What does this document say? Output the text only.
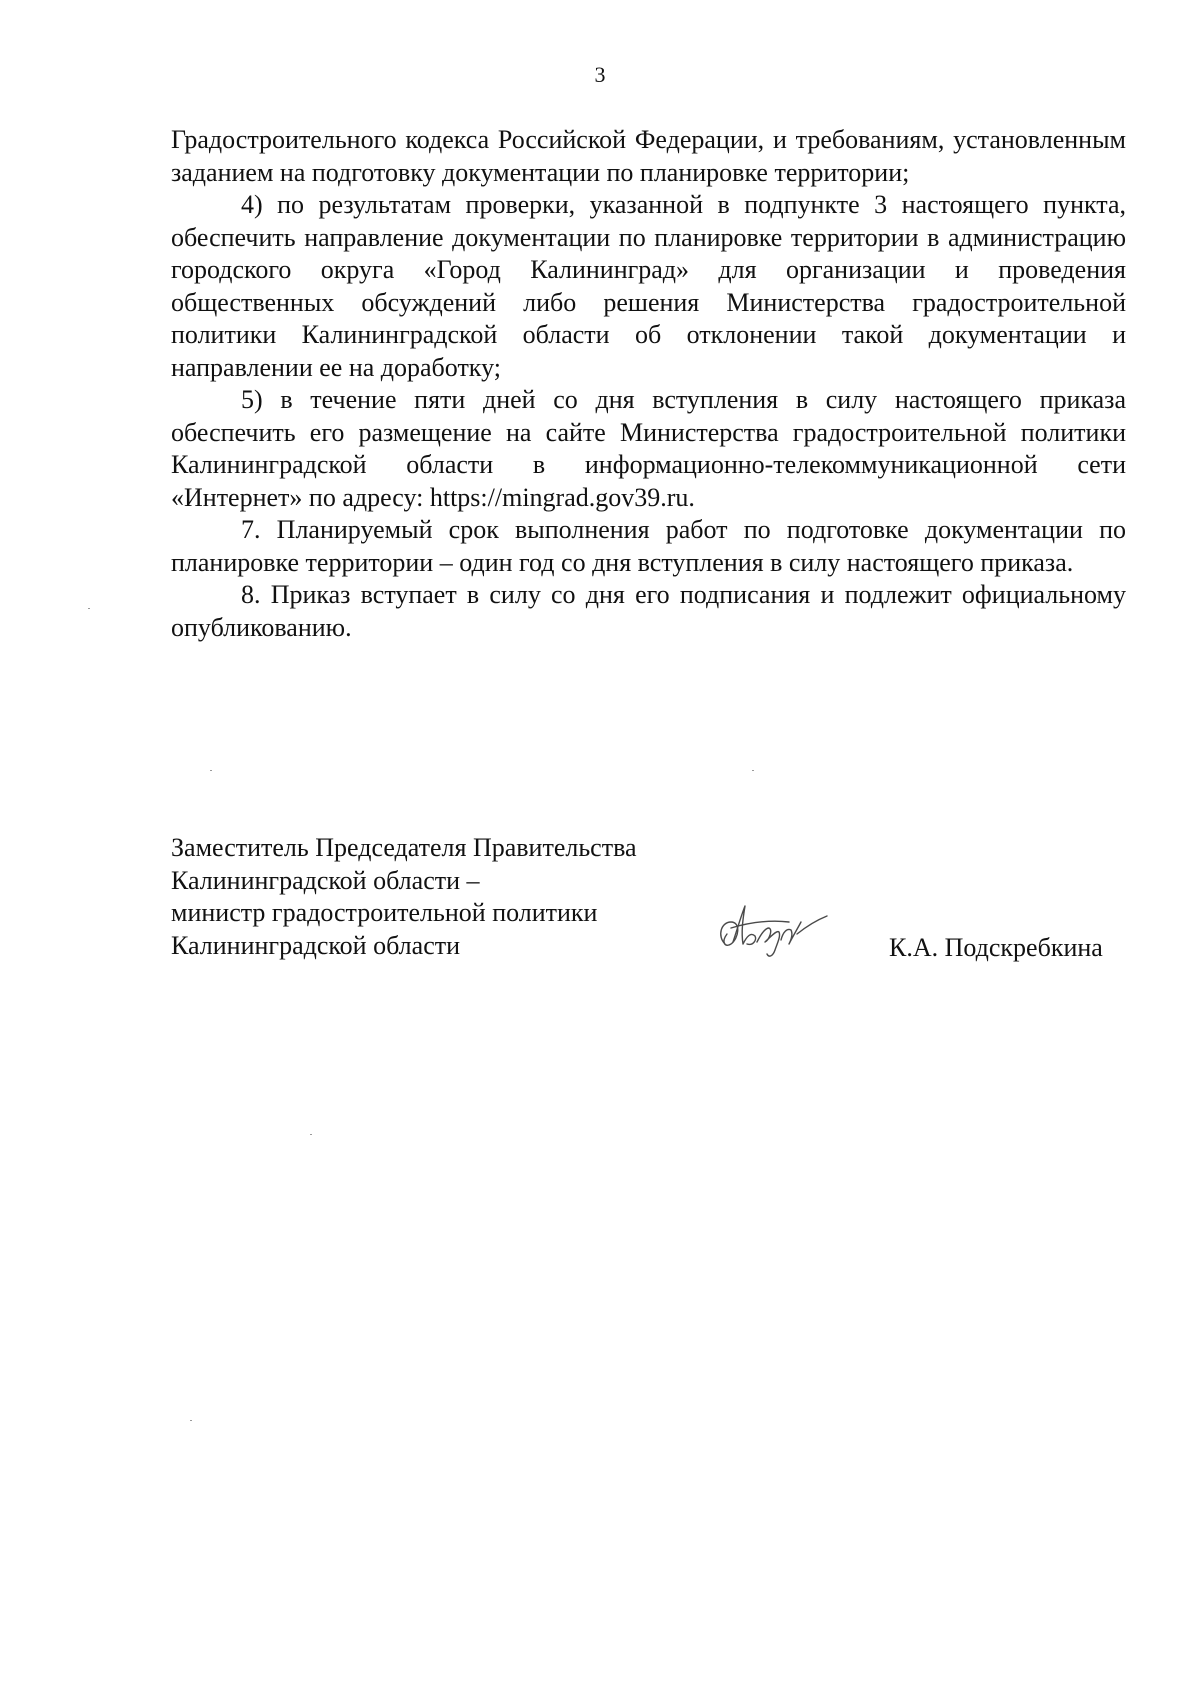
3

Градостроительного кодекса Российской Федерации, и требованиям, установленным заданием на подготовку документации по планировке территории;

4) по результатам проверки, указанной в подпункте 3 настоящего пункта, обеспечить направление документации по планировке территории в администрацию городского округа «Город Калининград» для организации и проведения общественных обсуждений либо решения Министерства градостроительной политики Калининградской области об отклонении такой документации и направлении ее на доработку;

5) в течение пяти дней со дня вступления в силу настоящего приказа обеспечить его размещение на сайте Министерства градостроительной политики Калининградской области в информационно-телекоммуникационной сети «Интернет» по адресу: https://mingrad.gov39.ru.

7. Планируемый срок выполнения работ по подготовке документации по планировке территории – один год со дня вступления в силу настоящего приказа.

8. Приказ вступает в силу со дня его подписания и подлежит официальному опубликованию.

Заместитель Председателя Правительства
Калининградской области –
министр градостроительной политики
Калининградской области	К.А. Подскребкина
